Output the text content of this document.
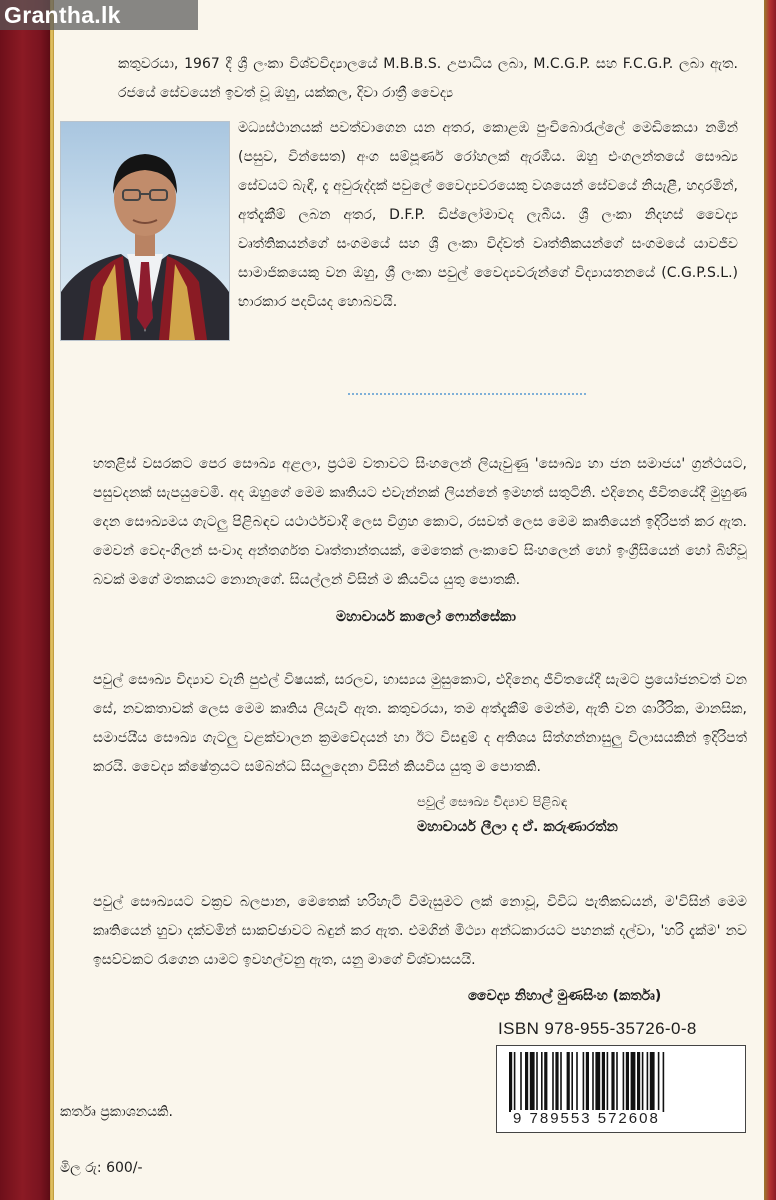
Grantha.lk
කතුවරයා, 1967 දී ශ්‍රී ලංකා විශ්වවිද්‍යාලයේ M.B.B.S. උපාධිය ලබා, M.C.G.P. සහ F.C.G.P. ලබා ඇත. රජයේ සේවයෙන් ඉවත් වූ ඔහු, යක්කල, දිවා රාත්‍රී වෛද්‍ය
මධ්‍යස්ථානයක් පවත්වාගෙන යන අතර, කොළඹ පුංචිබොරැල්ලේ මෙඩිකෙයා නමින් (පසුව, වින්සෙත) අංග සම්පූර්ණ රෝහලක් ඇරඹීය. ඔහු එංගලන්තයේ සෞඛ්‍ය සේවයට බැඳී, දැ අවුරුද්දක් පවුලේ වෛද්‍යවරයෙකු වශයෙන් සේවයේ නියැළී, හදාරමින්, අත්දැකීම් ලබන අතර, D.F.P. ඩිප්ලෝමාවද ලැබීය. ශ්‍රී ලංකා නිදහස් වෛද්‍ය වෘත්තිකයන්ගේ සංගමයේ සහ ශ්‍රී ලංකා විද්වත් වෘත්තිකයන්ගේ සංගමයේ යාවජීව සාමාජිකයෙකු වන ඔහු, ශ්‍රී ලංකා පවුල් වෛද්‍යවරුන්ගේ විද්‍යායතනයේ (C.G.P.S.L.) භාරකාර පදවියද හොබවයි.
හතළිස් වසරකට පෙර සෞඛ්‍ය අළලා, ප්‍රථම වතාවට සිංහලෙන් ලියැවුණු 'සෞඛ්‍ය හා ජන සමාජය' ග්‍රන්ථයට, පසුවදනක් සැපයුවෙමි. අද ඔහුගේ මෙම කෘතියට එවැන්නක් ලියන්නේ ඉමහත් සතුටිනි. එදිනෙදා ජීවිතයේදී මුහුණ දෙන සෞඛ්‍යමය ගැටලු පිළිබඳව යථාර්ථවාදී ලෙස විග්‍රහ කොට, රසවත් ලෙස මෙම කෘතියෙන් ඉදිරිපත් කර ඇත. මෙවන් වෙද-ගිලන් සංවාද අන්තර්ගත වෘත්තාන්තයක්, මෙතෙක් ලංකාවේ සිංහලෙන් හෝ ඉංග්‍රීසියෙන් හෝ බිහිවූ බවක් මගේ මතකයට නොනැගේ. සියල්ලන් විසින් ම කියවිය යුතු පොතකි.
මහාචාර්ය කාලෝ ෆොන්සේකා
පවුල් සෞඛ්‍ය විද්‍යාව වැනි පුළුල් විෂයක්, සරලව, හාස්‍යය මුසුකොට, එදිනෙදා ජීවිතයේදී සැමට ප්‍රයෝජනවත් වන සේ, නවකතාවක් ලෙස මෙම කෘතිය ලියැවී ඇත. කතුවරයා, තම අත්දැකීම් මෙන්ම, ඇති වන ශාරීරික, මානසික, සමාජයීය සෞඛ්‍ය ගැටලු වළක්වාලන ක්‍රමවේදයන් හා ඊට විසඳුම් ද අතිශය සිත්ගන්නාසුලු විලාසයකින් ඉදිරිපත් කරයි. වෛද්‍ය ක්ෂේත්‍රයට සම්බන්ධ සියලුදෙනා විසින් කියවිය යුතු ම පොතකි.
පවුල් සෞඛ්‍ය විද්‍යාව පිළිබඳ
මහාචාර්ය ලීලා ද ඒ. කරුණාරත්න
පවුල් සෞඛ්‍යයට වක්‍රව බලපාන, මෙතෙක් හරිහැටි විමැසුමට ලක් නොවූ, විවිධ පැතිකඩයන්, ම'විසින් මෙම කෘතියෙන් හුවා දක්වමින් සාකච්ඡාවට බඳුන් කර ඇත. එමගින් මිථ්‍යා අන්ධකාරයට පහනක් දල්වා, 'හරි දැක්ම' නව ඉසව්වකට රැගෙන යාමට ඉවහල්වනු ඇත, යනු මාගේ විශ්වාසයයි.
වෛද්‍ය නිහාල් මුණසිංහ (කර්තෘ)
ISBN 978-955-35726-0-8
9 789553 572608
කර්තෘ ප්‍රකාශනයකි.
මිල රු: 600/-
